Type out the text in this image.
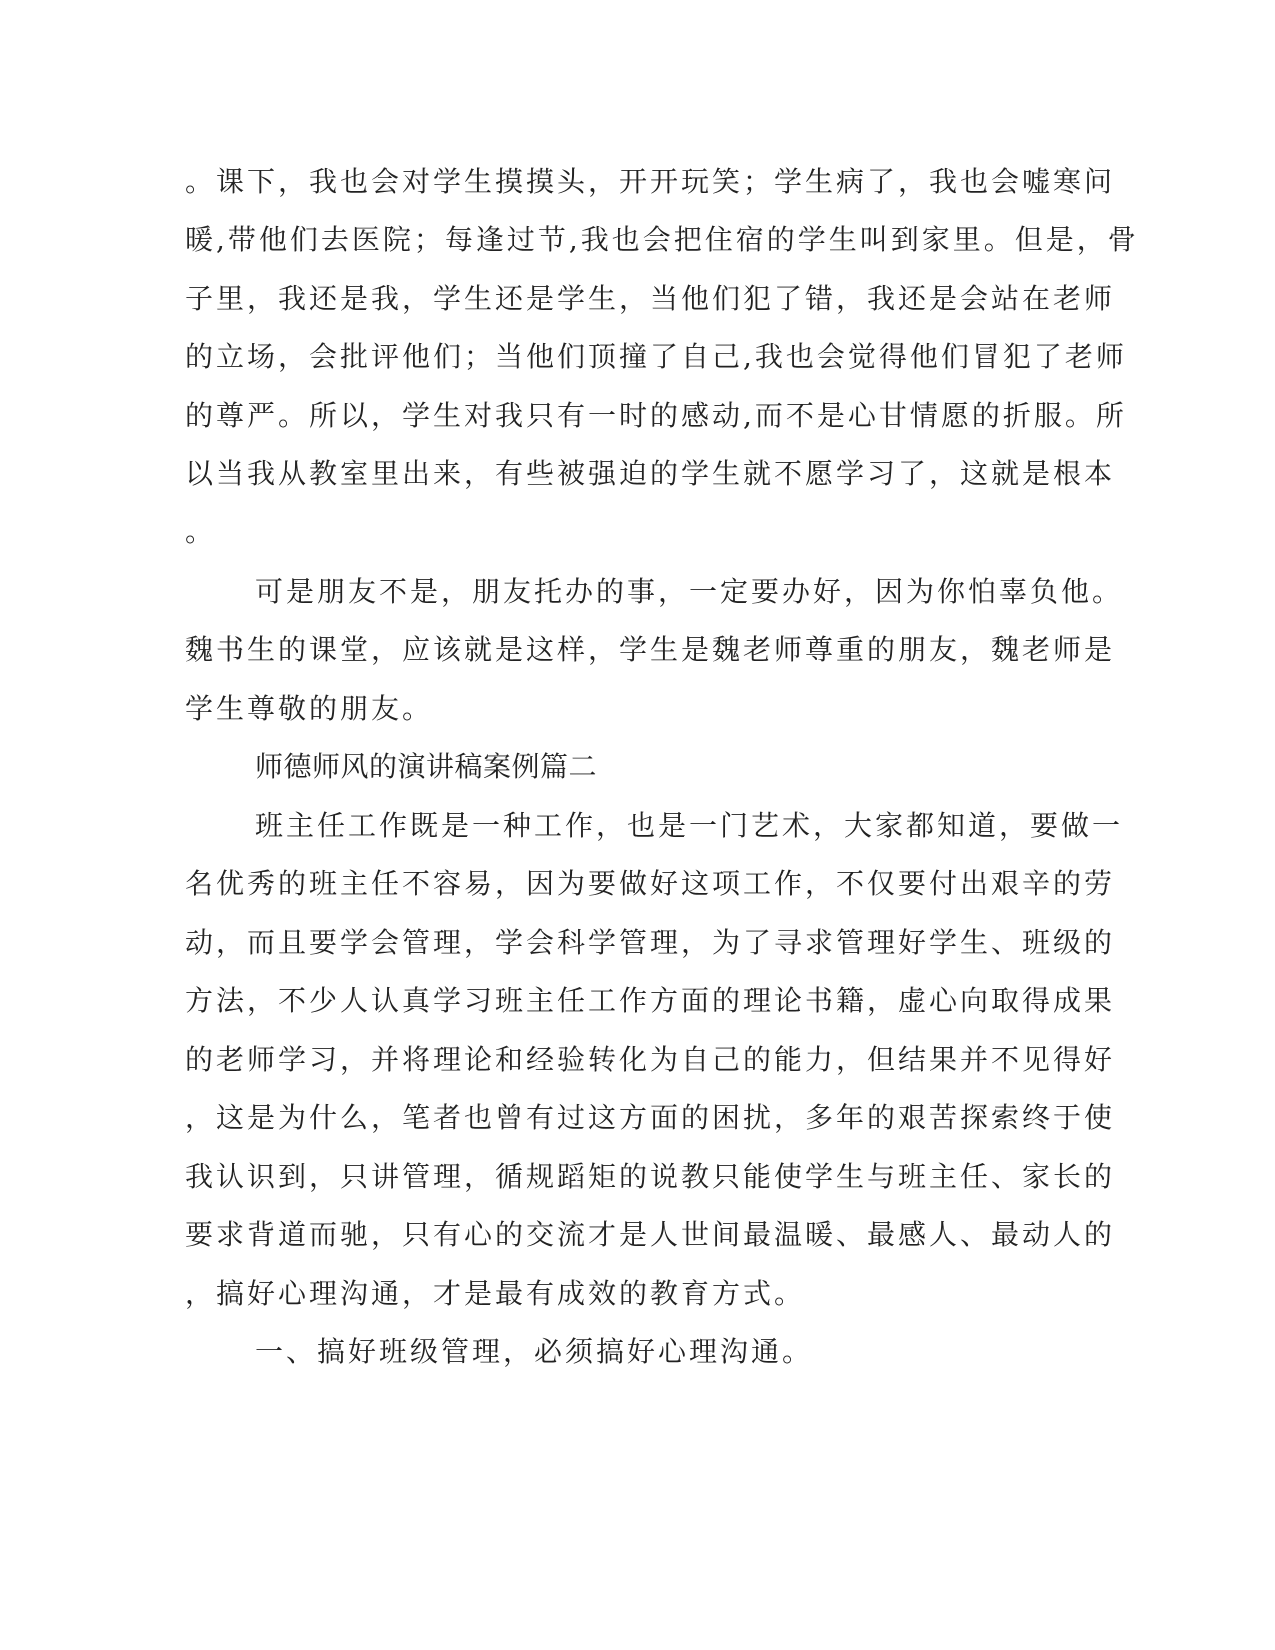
。课下，我也会对学生摸摸头，开开玩笑；学生病了，我也会嘘寒问
暖,带他们去医院；每逢过节,我也会把住宿的学生叫到家里。但是，骨
子里，我还是我，学生还是学生，当他们犯了错，我还是会站在老师
的立场，会批评他们；当他们顶撞了自己,我也会觉得他们冒犯了老师
的尊严。所以，学生对我只有一时的感动,而不是心甘情愿的折服。所
以当我从教室里出来，有些被强迫的学生就不愿学习了，这就是根本
。
可是朋友不是，朋友托办的事，一定要办好，因为你怕辜负他。
魏书生的课堂，应该就是这样，学生是魏老师尊重的朋友，魏老师是
学生尊敬的朋友。
师德师风的演讲稿案例篇二
班主任工作既是一种工作，也是一门艺术，大家都知道，要做一
名优秀的班主任不容易，因为要做好这项工作，不仅要付出艰辛的劳
动，而且要学会管理，学会科学管理，为了寻求管理好学生、班级的
方法，不少人认真学习班主任工作方面的理论书籍，虚心向取得成果
的老师学习，并将理论和经验转化为自己的能力，但结果并不见得好
，这是为什么，笔者也曾有过这方面的困扰，多年的艰苦探索终于使
我认识到，只讲管理，循规蹈矩的说教只能使学生与班主任、家长的
要求背道而驰，只有心的交流才是人世间最温暖、最感人、最动人的
，搞好心理沟通，才是最有成效的教育方式。
一、搞好班级管理，必须搞好心理沟通。
